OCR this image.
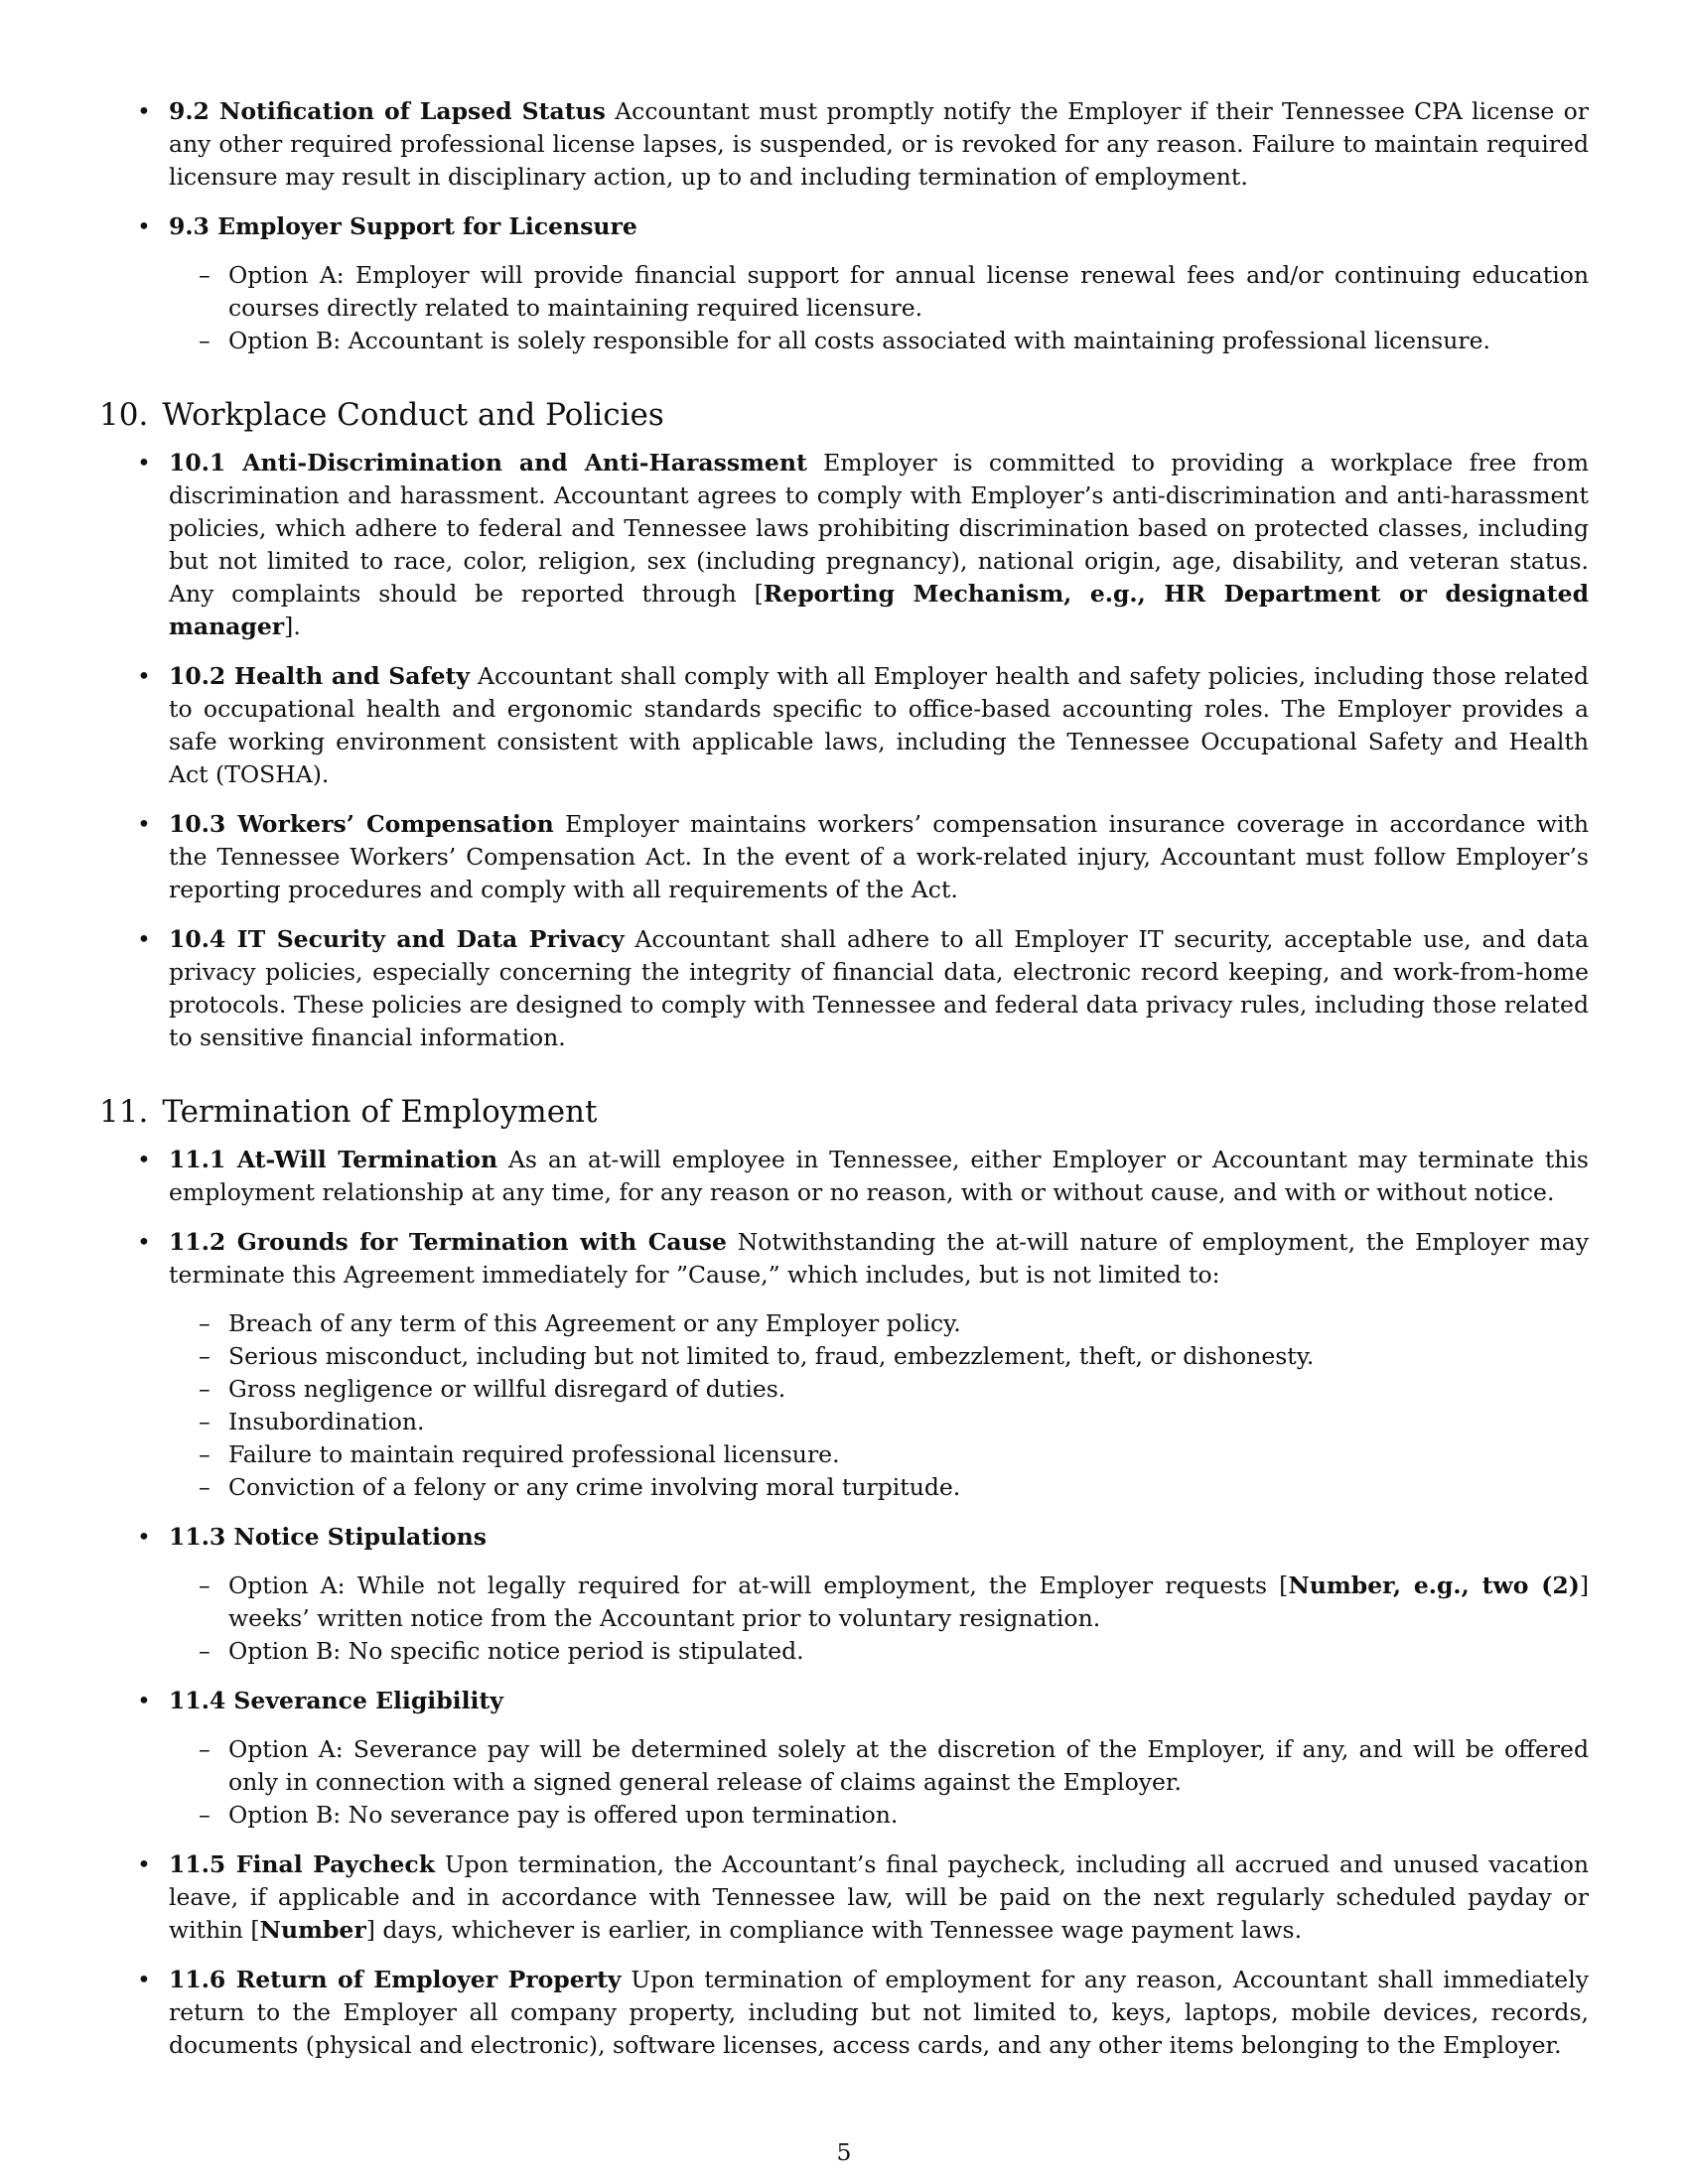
• 9.2 Notification of Lapsed Status Accountant must promptly notify the Employer if their Tennessee CPA license or any other required professional license lapses, is suspended, or is revoked for any reason. Failure to maintain required licensure may result in disciplinary action, up to and including termination of employment.
• 9.3 Employer Support for Licensure
– Option A: Employer will provide financial support for annual license renewal fees and/or continuing education courses directly related to maintaining required licensure.
– Option B: Accountant is solely responsible for all costs associated with maintaining professional licensure.
10. Workplace Conduct and Policies
• 10.1 Anti-Discrimination and Anti-Harassment Employer is committed to providing a workplace free from discrimination and harassment. Accountant agrees to comply with Employer’s anti-discrimination and anti-harassment policies, which adhere to federal and Tennessee laws prohibiting discrimination based on protected classes, including but not limited to race, color, religion, sex (including pregnancy), national origin, age, disability, and veteran status. Any complaints should be reported through [Reporting Mechanism, e.g., HR Department or designated manager].
• 10.2 Health and Safety Accountant shall comply with all Employer health and safety policies, including those related to occupational health and ergonomic standards specific to office-based accounting roles. The Employer provides a safe working environment consistent with applicable laws, including the Tennessee Occupational Safety and Health Act (TOSHA).
• 10.3 Workers’ Compensation Employer maintains workers’ compensation insurance coverage in accordance with the Tennessee Workers’ Compensation Act. In the event of a work-related injury, Accountant must follow Employer’s reporting procedures and comply with all requirements of the Act.
• 10.4 IT Security and Data Privacy Accountant shall adhere to all Employer IT security, acceptable use, and data privacy policies, especially concerning the integrity of financial data, electronic record keeping, and work-from-home protocols. These policies are designed to comply with Tennessee and federal data privacy rules, including those related to sensitive financial information.
11. Termination of Employment
• 11.1 At-Will Termination As an at-will employee in Tennessee, either Employer or Accountant may terminate this employment relationship at any time, for any reason or no reason, with or without cause, and with or without notice.
• 11.2 Grounds for Termination with Cause Notwithstanding the at-will nature of employment, the Employer may terminate this Agreement immediately for ”Cause,” which includes, but is not limited to:
– Breach of any term of this Agreement or any Employer policy.
– Serious misconduct, including but not limited to, fraud, embezzlement, theft, or dishonesty.
– Gross negligence or willful disregard of duties.
– Insubordination.
– Failure to maintain required professional licensure.
– Conviction of a felony or any crime involving moral turpitude.
• 11.3 Notice Stipulations
– Option A: While not legally required for at-will employment, the Employer requests [Number, e.g., two (2)] weeks’ written notice from the Accountant prior to voluntary resignation.
– Option B: No specific notice period is stipulated.
• 11.4 Severance Eligibility
– Option A: Severance pay will be determined solely at the discretion of the Employer, if any, and will be offered only in connection with a signed general release of claims against the Employer.
– Option B: No severance pay is offered upon termination.
• 11.5 Final Paycheck Upon termination, the Accountant’s final paycheck, including all accrued and unused vacation leave, if applicable and in accordance with Tennessee law, will be paid on the next regularly scheduled payday or within [Number] days, whichever is earlier, in compliance with Tennessee wage payment laws.
• 11.6 Return of Employer Property Upon termination of employment for any reason, Accountant shall immediately return to the Employer all company property, including but not limited to, keys, laptops, mobile devices, records, documents (physical and electronic), software licenses, access cards, and any other items belonging to the Employer.
5
